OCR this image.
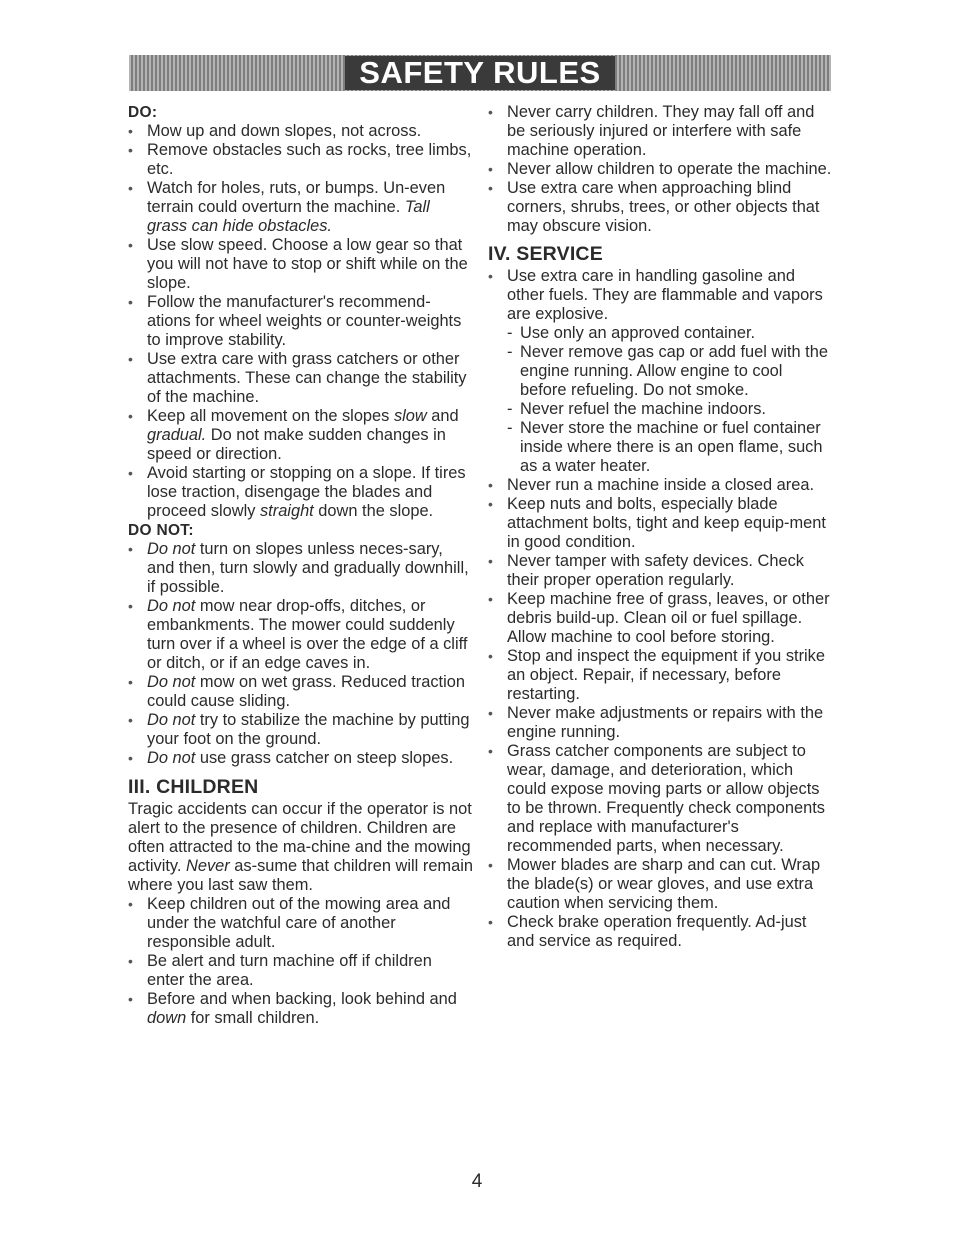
SAFETY RULES

DO:

• Mow up and down slopes, not across.
• Remove obstacles such as rocks, tree limbs, etc.
• Watch for holes, ruts, or bumps. Un-even terrain could overturn the machine. Tall grass can hide obstacles.
• Use slow speed. Choose a low gear so that you will not have to stop or shift while on the slope.
• Follow the manufacturer's recommend-ations for wheel weights or counter-weights to improve stability.
• Use extra care with grass catchers or other attachments. These can change the stability of the machine.
• Keep all movement on the slopes slow and gradual. Do not make sudden changes in speed or direction.
• Avoid starting or stopping on a slope. If tires lose traction, disengage the blades and proceed slowly straight down the slope.

DO NOT:

• Do not turn on slopes unless neces-sary, and then, turn slowly and gradually downhill, if possible.
• Do not mow near drop-offs, ditches, or embankments. The mower could suddenly turn over if a wheel is over the edge of a cliff or ditch, or if an edge caves in.
• Do not mow on wet grass. Reduced traction could cause sliding.
• Do not try to stabilize the machine by putting your foot on the ground.
• Do not use grass catcher on steep slopes.

III. CHILDREN

Tragic accidents can occur if the operator is not alert to the presence of children. Children are often attracted to the ma-chine and the mowing activity. Never as-sume that children will remain where you last saw them.

• Keep children out of the mowing area and under the watchful care of another responsible adult.
• Be alert and turn machine off if children enter the area.
• Before and when backing, look behind and down for small children.
• Never carry children. They may fall off and be seriously injured or interfere with safe machine operation.
• Never allow children to operate the machine.
• Use extra care when approaching blind corners, shrubs, trees, or other objects that may obscure vision.

IV. SERVICE

• Use extra care in handling gasoline and other fuels. They are flammable and vapors are explosive.
- Use only an approved container.
- Never remove gas cap or add fuel with the engine running. Allow engine to cool before refueling. Do not smoke.
- Never refuel the machine indoors.
- Never store the machine or fuel container inside where there is an open flame, such as a water heater.
• Never run a machine inside a closed area.
• Keep nuts and bolts, especially blade attachment bolts, tight and keep equip-ment in good condition.
• Never tamper with safety devices. Check their proper operation regularly.
• Keep machine free of grass, leaves, or other debris build-up. Clean oil or fuel spillage. Allow machine to cool before storing.
• Stop and inspect the equipment if you strike an object. Repair, if necessary, before restarting.
• Never make adjustments or repairs with the engine running.
• Grass catcher components are subject to wear, damage, and deterioration, which could expose moving parts or allow objects to be thrown. Frequently check components and replace with manufacturer's recommended parts, when necessary.
• Mower blades are sharp and can cut. Wrap the blade(s) or wear gloves, and use extra caution when servicing them.
• Check brake operation frequently. Ad-just and service as required.
4
